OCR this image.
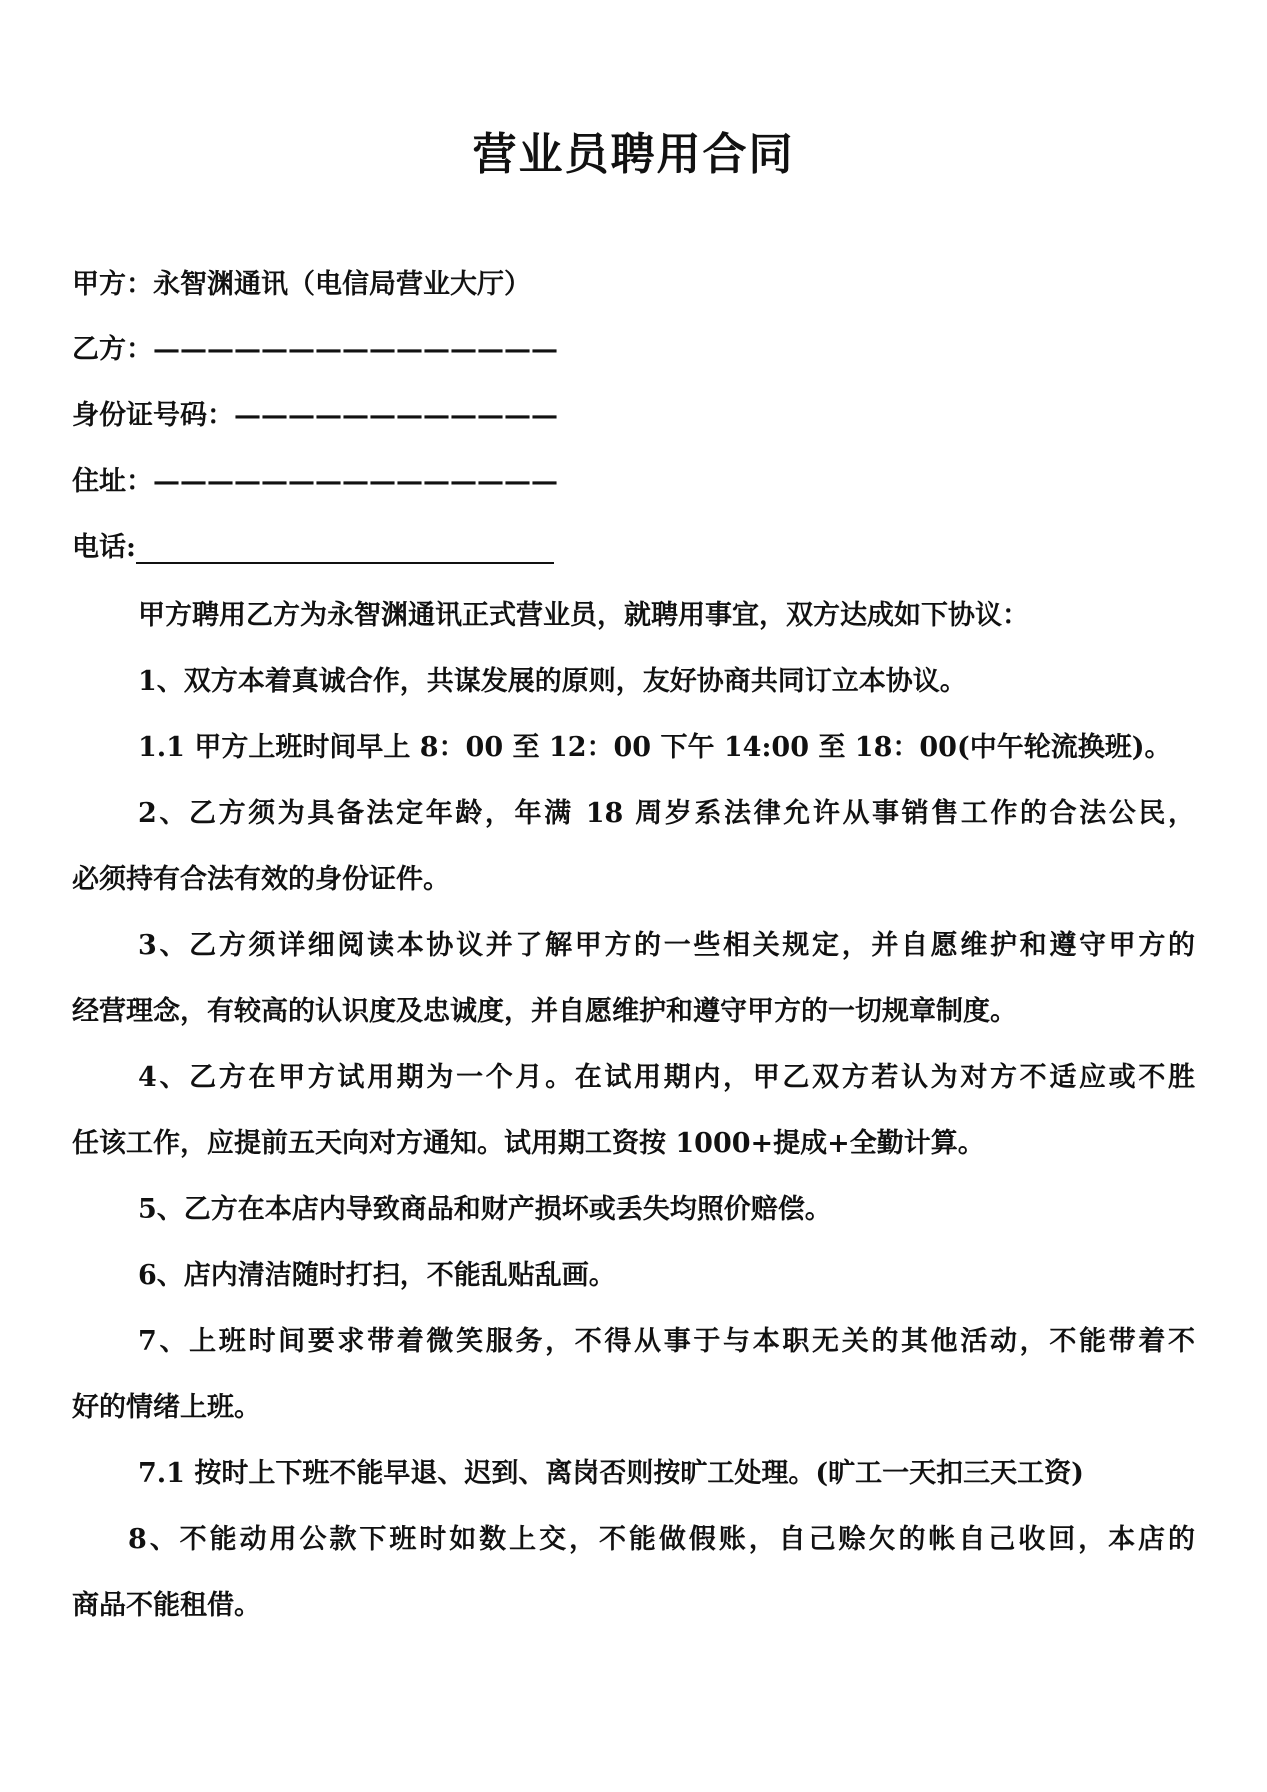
营业员聘用合同
甲方：永智渊通讯（电信局营业大厅）
乙方：———————————————
身份证号码：————————————
住址：———————————————
电话:
甲方聘用乙方为永智渊通讯正式营业员，就聘用事宜，双方达成如下协议：
1、双方本着真诚合作，共谋发展的原则，友好协商共同订立本协议。
1.1 甲方上班时间早上 8：00 至 12：00 下午 14:00 至 18：00(中午轮流换班)。
2、乙方须为具备法定年龄，年满 18 周岁系法律允许从事销售工作的合法公民，
必须持有合法有效的身份证件。
3、乙方须详细阅读本协议并了解甲方的一些相关规定，并自愿维护和遵守甲方的
经营理念，有较高的认识度及忠诚度，并自愿维护和遵守甲方的一切规章制度。
4、乙方在甲方试用期为一个月。在试用期内，甲乙双方若认为对方不适应或不胜
任该工作，应提前五天向对方通知。试用期工资按 1000+提成+全勤计算。
5、乙方在本店内导致商品和财产损坏或丢失均照价赔偿。
6、店内清洁随时打扫，不能乱贴乱画。
7、上班时间要求带着微笑服务，不得从事于与本职无关的其他活动，不能带着不
好的情绪上班。
7.1 按时上下班不能早退、迟到、离岗否则按旷工处理。(旷工一天扣三天工资)
8、不能动用公款下班时如数上交，不能做假账，自己赊欠的帐自己收回，本店的
商品不能租借。
